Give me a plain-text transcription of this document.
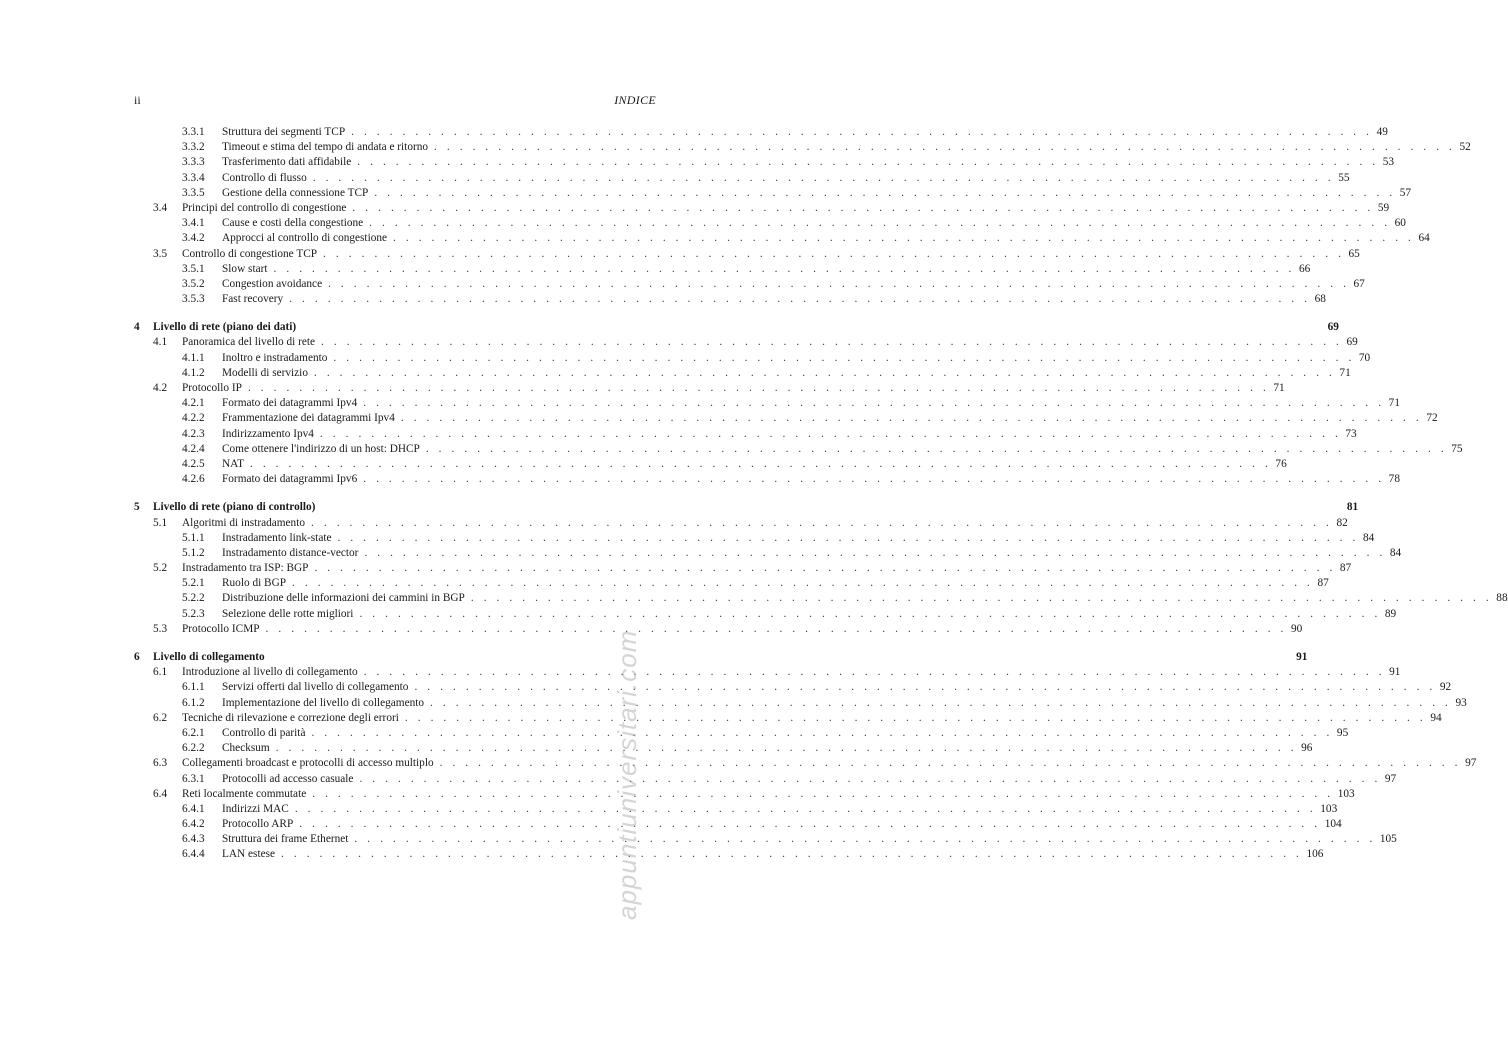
ii	INDICE
3.3.1 Struttura dei segmenti TCP . . . . . . . . . . . . . . . . . . . . . . . . . . . . . . . . . . . . . . . . . . . . . . . . . . . . . . . . . . . . . . . . . . . . . . . . . . . . . . . . 49
3.3.2 Timeout e stima del tempo di andata e ritorno . . . . . . . . . . . . . . . . . . . . . . . . . . . . . . . . . . . . . . . . . . . . . . . . . . . . . . . . . . . . . . . . . . . . . . . . . . . . . . . . 52
3.3.3 Trasferimento dati affidabile . . . . . . . . . . . . . . . . . . . . . . . . . . . . . . . . . . . . . . . . . . . . . . . . . . . . . . . . . . . . . . . . . . . . . . . . . . . . . . . . 53
3.3.4 Controllo di flusso . . . . . . . . . . . . . . . . . . . . . . . . . . . . . . . . . . . . . . . . . . . . . . . . . . . . . . . . . . . . . . . . . . . . . . . . . . . . . . . . 55
3.3.5 Gestione della connessione TCP . . . . . . . . . . . . . . . . . . . . . . . . . . . . . . . . . . . . . . . . . . . . . . . . . . . . . . . . . . . . . . . . . . . . . . . . . . . . . . . . 57
3.4 Principi del controllo di congestione . . . . . . . . . . . . . . . . . . . . . . . . . . . . . . . . . . . . . . . . . . . . . . . . . . . . . . . . . . . . . . . . . . . . . . . . . . . . . . . . 59
3.4.1 Cause e costi della congestione . . . . . . . . . . . . . . . . . . . . . . . . . . . . . . . . . . . . . . . . . . . . . . . . . . . . . . . . . . . . . . . . . . . . . . . . . . . . . . . . 60
3.4.2 Approcci al controllo di congestione . . . . . . . . . . . . . . . . . . . . . . . . . . . . . . . . . . . . . . . . . . . . . . . . . . . . . . . . . . . . . . . . . . . . . . . . . . . . . . . . 64
3.5 Controllo di congestione TCP . . . . . . . . . . . . . . . . . . . . . . . . . . . . . . . . . . . . . . . . . . . . . . . . . . . . . . . . . . . . . . . . . . . . . . . . . . . . . . . . 65
3.5.1 Slow start . . . . . . . . . . . . . . . . . . . . . . . . . . . . . . . . . . . . . . . . . . . . . . . . . . . . . . . . . . . . . . . . . . . . . . . . . . . . . . . . 66
3.5.2 Congestion avoidance . . . . . . . . . . . . . . . . . . . . . . . . . . . . . . . . . . . . . . . . . . . . . . . . . . . . . . . . . . . . . . . . . . . . . . . . . . . . . . . . 67
3.5.3 Fast recovery . . . . . . . . . . . . . . . . . . . . . . . . . . . . . . . . . . . . . . . . . . . . . . . . . . . . . . . . . . . . . . . . . . . . . . . . . . . . . . . . 68
4 Livello di rete (piano dei dati)	69
4.1 Panoramica del livello di rete . . . . . . . . . . . . . . . . . . . . . . . . . . . . . . . . . . . . . . . . . . . . . . . . . . . . . . . . . . . . . . . . . . . . . . . . . . . . . . . . 69
4.1.1 Inoltro e instradamento . . . . . . . . . . . . . . . . . . . . . . . . . . . . . . . . . . . . . . . . . . . . . . . . . . . . . . . . . . . . . . . . . . . . . . . . . . . . . . . . 70
4.1.2 Modelli di servizio . . . . . . . . . . . . . . . . . . . . . . . . . . . . . . . . . . . . . . . . . . . . . . . . . . . . . . . . . . . . . . . . . . . . . . . . . . . . . . . . 71
4.2 Protocollo IP . . . . . . . . . . . . . . . . . . . . . . . . . . . . . . . . . . . . . . . . . . . . . . . . . . . . . . . . . . . . . . . . . . . . . . . . . . . . . . . . 71
4.2.1 Formato dei datagrammi Ipv4 . . . . . . . . . . . . . . . . . . . . . . . . . . . . . . . . . . . . . . . . . . . . . . . . . . . . . . . . . . . . . . . . . . . . . . . . . . . . . . . . 71
4.2.2 Frammentazione dei datagrammi Ipv4 . . . . . . . . . . . . . . . . . . . . . . . . . . . . . . . . . . . . . . . . . . . . . . . . . . . . . . . . . . . . . . . . . . . . . . . . . . . . . . . . 72
4.2.3 Indirizzamento Ipv4 . . . . . . . . . . . . . . . . . . . . . . . . . . . . . . . . . . . . . . . . . . . . . . . . . . . . . . . . . . . . . . . . . . . . . . . . . . . . . . . . 73
4.2.4 Come ottenere l'indirizzo di un host: DHCP . . . . . . . . . . . . . . . . . . . . . . . . . . . . . . . . . . . . . . . . . . . . . . . . . . . . . . . . . . . . . . . . . . . . . . . . . . . . . . . . 75
4.2.5 NAT . . . . . . . . . . . . . . . . . . . . . . . . . . . . . . . . . . . . . . . . . . . . . . . . . . . . . . . . . . . . . . . . . . . . . . . . . . . . . . . . 76
4.2.6 Formato dei datagrammi Ipv6 . . . . . . . . . . . . . . . . . . . . . . . . . . . . . . . . . . . . . . . . . . . . . . . . . . . . . . . . . . . . . . . . . . . . . . . . . . . . . . . . 78
5 Livello di rete (piano di controllo)	81
5.1 Algoritmi di instradamento . . . . . . . . . . . . . . . . . . . . . . . . . . . . . . . . . . . . . . . . . . . . . . . . . . . . . . . . . . . . . . . . . . . . . . . . . . . . . . . . 82
5.1.1 Instradamento link-state . . . . . . . . . . . . . . . . . . . . . . . . . . . . . . . . . . . . . . . . . . . . . . . . . . . . . . . . . . . . . . . . . . . . . . . . . . . . . . . . 84
5.1.2 Instradamento distance-vector . . . . . . . . . . . . . . . . . . . . . . . . . . . . . . . . . . . . . . . . . . . . . . . . . . . . . . . . . . . . . . . . . . . . . . . . . . . . . . . . 84
5.2 Instradamento tra ISP: BGP . . . . . . . . . . . . . . . . . . . . . . . . . . . . . . . . . . . . . . . . . . . . . . . . . . . . . . . . . . . . . . . . . . . . . . . . . . . . . . . . 87
5.2.1 Ruolo di BGP . . . . . . . . . . . . . . . . . . . . . . . . . . . . . . . . . . . . . . . . . . . . . . . . . . . . . . . . . . . . . . . . . . . . . . . . . . . . . . . . 87
5.2.2 Distribuzione delle informazioni dei cammini in BGP . . . . . . . . . . . . . . . . . . . . . . . . . . . . . . . . . . . . . . . . . . . . . . . . . . . . . . . . . . . . . . . . . . . . . . . . . . . . . . . . 88
5.2.3 Selezione delle rotte migliori . . . . . . . . . . . . . . . . . . . . . . . . . . . . . . . . . . . . . . . . . . . . . . . . . . . . . . . . . . . . . . . . . . . . . . . . . . . . . . . . 89
5.3 Protocollo ICMP . . . . . . . . . . . . . . . . . . . . . . . . . . . . . . . . . . . . . . . . . . . . . . . . . . . . . . . . . . . . . . . . . . . . . . . . . . . . . . . . 90
6 Livello di collegamento	91
6.1 Introduzione al livello di collegamento . . . . . . . . . . . . . . . . . . . . . . . . . . . . . . . . . . . . . . . . . . . . . . . . . . . . . . . . . . . . . . . . . . . . . . . . . . . . . . . . 91
6.1.1 Servizi offerti dal livello di collegamento . . . . . . . . . . . . . . . . . . . . . . . . . . . . . . . . . . . . . . . . . . . . . . . . . . . . . . . . . . . . . . . . . . . . . . . . . . . . . . . . 92
6.1.2 Implementazione del livello di collegamento . . . . . . . . . . . . . . . . . . . . . . . . . . . . . . . . . . . . . . . . . . . . . . . . . . . . . . . . . . . . . . . . . . . . . . . . . . . . . . . . 93
6.2 Tecniche di rilevazione e correzione degli errori . . . . . . . . . . . . . . . . . . . . . . . . . . . . . . . . . . . . . . . . . . . . . . . . . . . . . . . . . . . . . . . . . . . . . . . . . . . . . . . . 94
6.2.1 Controllo di parità . . . . . . . . . . . . . . . . . . . . . . . . . . . . . . . . . . . . . . . . . . . . . . . . . . . . . . . . . . . . . . . . . . . . . . . . . . . . . . . . 95
6.2.2 Checksum . . . . . . . . . . . . . . . . . . . . . . . . . . . . . . . . . . . . . . . . . . . . . . . . . . . . . . . . . . . . . . . . . . . . . . . . . . . . . . . . 96
6.3 Collegamenti broadcast e protocolli di accesso multiplo . . . . . . . . . . . . . . . . . . . . . . . . . . . . . . . . . . . . . . . . . . . . . . . . . . . . . . . . . . . . . . . . . . . . . . . . . . . . . . . . 97
6.3.1 Protocolli ad accesso casuale . . . . . . . . . . . . . . . . . . . . . . . . . . . . . . . . . . . . . . . . . . . . . . . . . . . . . . . . . . . . . . . . . . . . . . . . . . . . . . . . 97
6.4 Reti localmente commutate . . . . . . . . . . . . . . . . . . . . . . . . . . . . . . . . . . . . . . . . . . . . . . . . . . . . . . . . . . . . . . . . . . . . . . . . . . . . . . . . 103
6.4.1 Indirizzi MAC . . . . . . . . . . . . . . . . . . . . . . . . . . . . . . . . . . . . . . . . . . . . . . . . . . . . . . . . . . . . . . . . . . . . . . . . . . . . . . . . 103
6.4.2 Protocollo ARP . . . . . . . . . . . . . . . . . . . . . . . . . . . . . . . . . . . . . . . . . . . . . . . . . . . . . . . . . . . . . . . . . . . . . . . . . . . . . . . . 104
6.4.3 Struttura dei frame Ethernet . . . . . . . . . . . . . . . . . . . . . . . . . . . . . . . . . . . . . . . . . . . . . . . . . . . . . . . . . . . . . . . . . . . . . . . . . . . . . . . . 105
6.4.4 LAN estese . . . . . . . . . . . . . . . . . . . . . . . . . . . . . . . . . . . . . . . . . . . . . . . . . . . . . . . . . . . . . . . . . . . . . . . . . . . . . . . . 106
appuntiuniversitari.com
